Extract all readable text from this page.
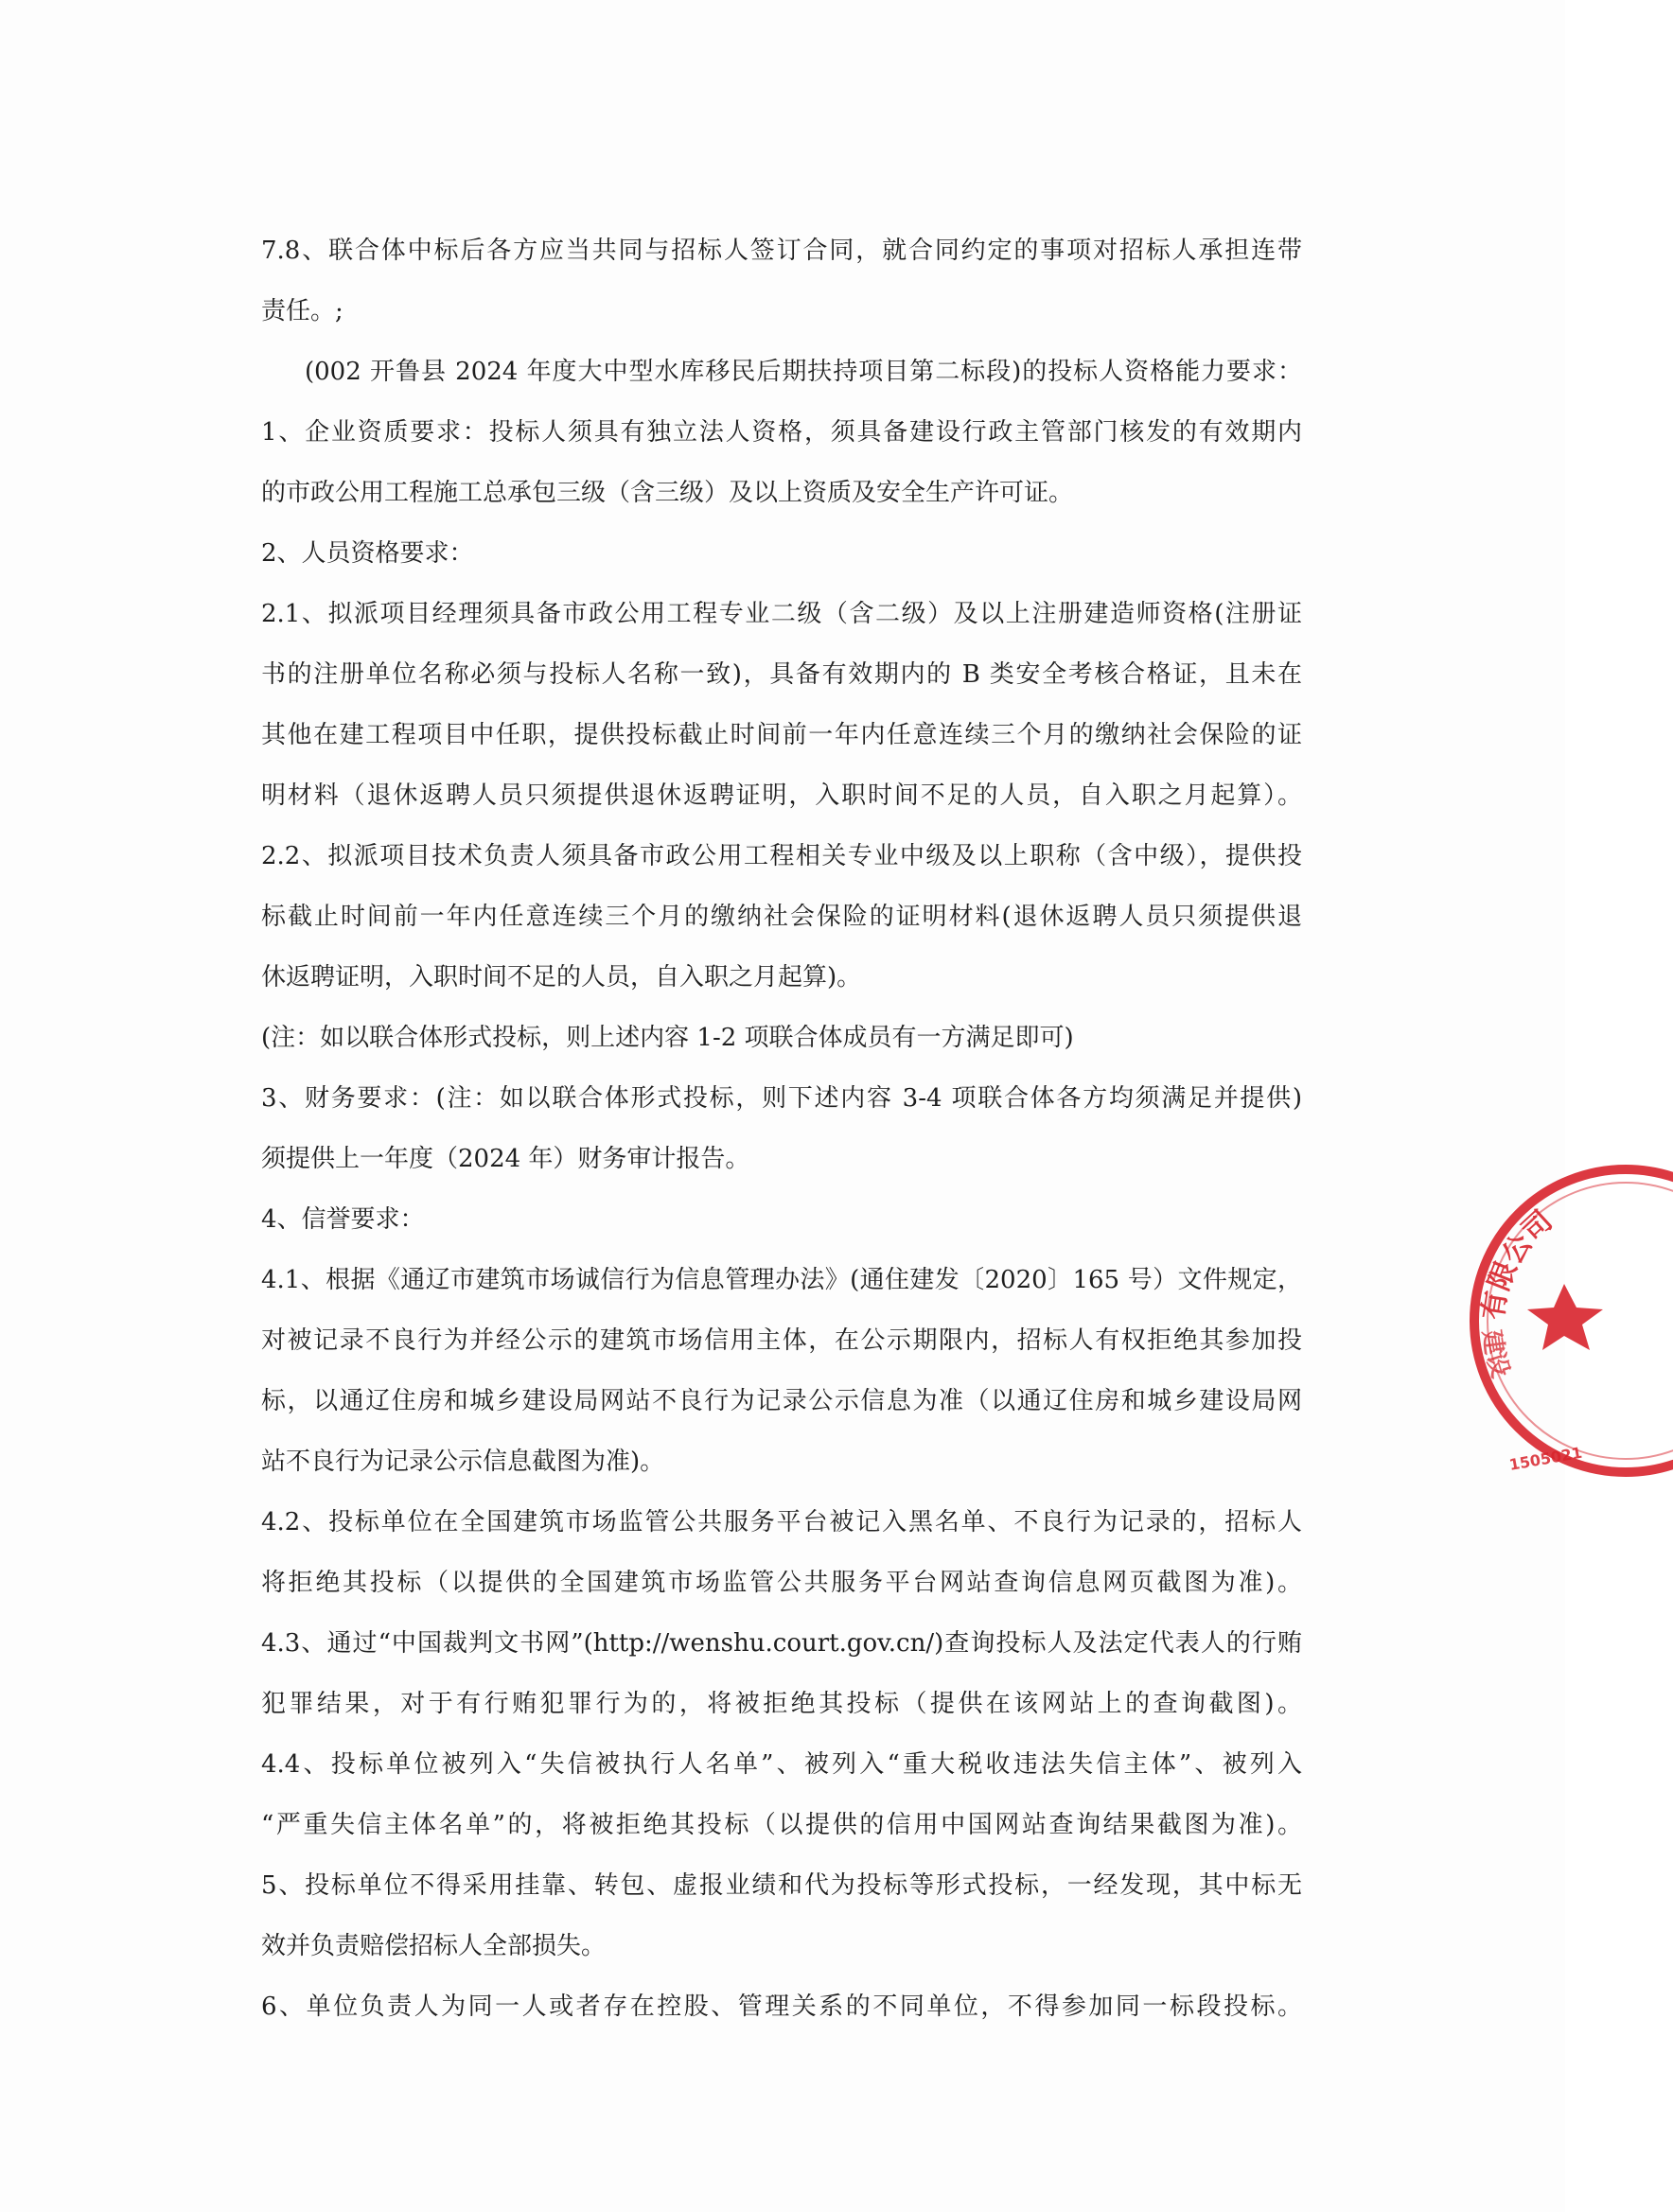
7.8、联合体中标后各方应当共同与招标人签订合同，就合同约定的事项对招标人承担连带
责任。;
(002 开鲁县 2024 年度大中型水库移民后期扶持项目第二标段)的投标人资格能力要求：
1、企业资质要求：投标人须具有独立法人资格，须具备建设行政主管部门核发的有效期内
的市政公用工程施工总承包三级（含三级）及以上资质及安全生产许可证。
2、人员资格要求：
2.1、拟派项目经理须具备市政公用工程专业二级（含二级）及以上注册建造师资格(注册证
书的注册单位名称必须与投标人名称一致)，具备有效期内的 B 类安全考核合格证，且未在
其他在建工程项目中任职，提供投标截止时间前一年内任意连续三个月的缴纳社会保险的证
明材料（退休返聘人员只须提供退休返聘证明，入职时间不足的人员，自入职之月起算）。
2.2、拟派项目技术负责人须具备市政公用工程相关专业中级及以上职称（含中级），提供投
标截止时间前一年内任意连续三个月的缴纳社会保险的证明材料(退休返聘人员只须提供退
休返聘证明，入职时间不足的人员，自入职之月起算)。
(注：如以联合体形式投标，则上述内容 1-2 项联合体成员有一方满足即可)
3、财务要求：(注：如以联合体形式投标，则下述内容 3-4 项联合体各方均须满足并提供)
须提供上一年度（2024 年）财务审计报告。
4、信誉要求：
4.1、根据《通辽市建筑市场诚信行为信息管理办法》(通住建发〔2020〕165 号）文件规定，
对被记录不良行为并经公示的建筑市场信用主体，在公示期限内，招标人有权拒绝其参加投
标，以通辽住房和城乡建设局网站不良行为记录公示信息为准（以通辽住房和城乡建设局网
站不良行为记录公示信息截图为准)。
4.2、投标单位在全国建筑市场监管公共服务平台被记入黑名单、不良行为记录的，招标人
将拒绝其投标（以提供的全国建筑市场监管公共服务平台网站查询信息网页截图为准)。
4.3、通过“中国裁判文书网”(http://wenshu.court.gov.cn/)查询投标人及法定代表人的行贿
犯罪结果，对于有行贿犯罪行为的，将被拒绝其投标（提供在该网站上的查询截图)。
4.4、投标单位被列入“失信被执行人名单”、被列入“重大税收违法失信主体”、被列入
“严重失信主体名单”的，将被拒绝其投标（以提供的信用中国网站查询结果截图为准)。
5、投标单位不得采用挂靠、转包、虚报业绩和代为投标等形式投标，一经发现，其中标无
效并负责赔偿招标人全部损失。
6、单位负责人为同一人或者存在控股、管理关系的不同单位，不得参加同一标段投标。
有限公司
建设
1505021
